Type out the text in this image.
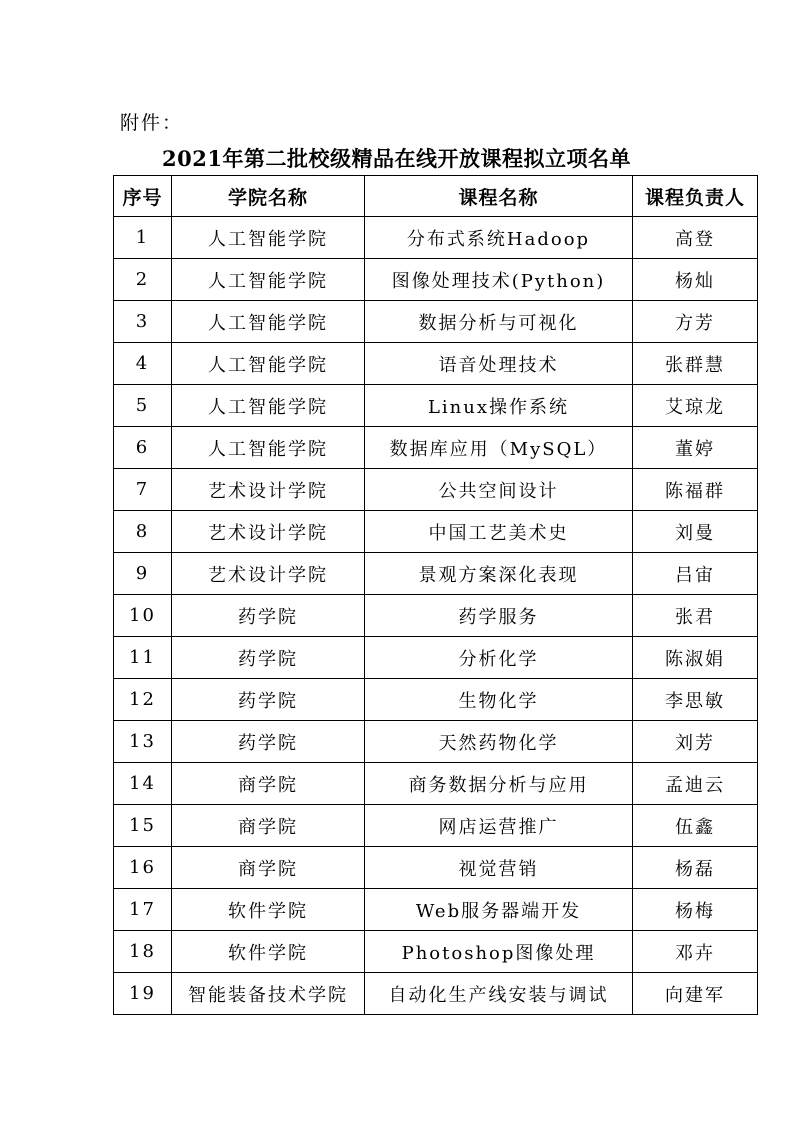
附件：
2021年第二批校级精品在线开放课程拟立项名单
序号	学院名称	课程名称	课程负责人
1	人工智能学院	分布式系统Hadoop	高登
2	人工智能学院	图像处理技术(Python)	杨灿
3	人工智能学院	数据分析与可视化	方芳
4	人工智能学院	语音处理技术	张群慧
5	人工智能学院	Linux操作系统	艾琼龙
6	人工智能学院	数据库应用（MySQL）	董婷
7	艺术设计学院	公共空间设计	陈福群
8	艺术设计学院	中国工艺美术史	刘曼
9	艺术设计学院	景观方案深化表现	吕宙
10	药学院	药学服务	张君
11	药学院	分析化学	陈淑娟
12	药学院	生物化学	李思敏
13	药学院	天然药物化学	刘芳
14	商学院	商务数据分析与应用	孟迪云
15	商学院	网店运营推广	伍鑫
16	商学院	视觉营销	杨磊
17	软件学院	Web服务器端开发	杨梅
18	软件学院	Photoshop图像处理	邓卉
19	智能装备技术学院	自动化生产线安装与调试	向建军
